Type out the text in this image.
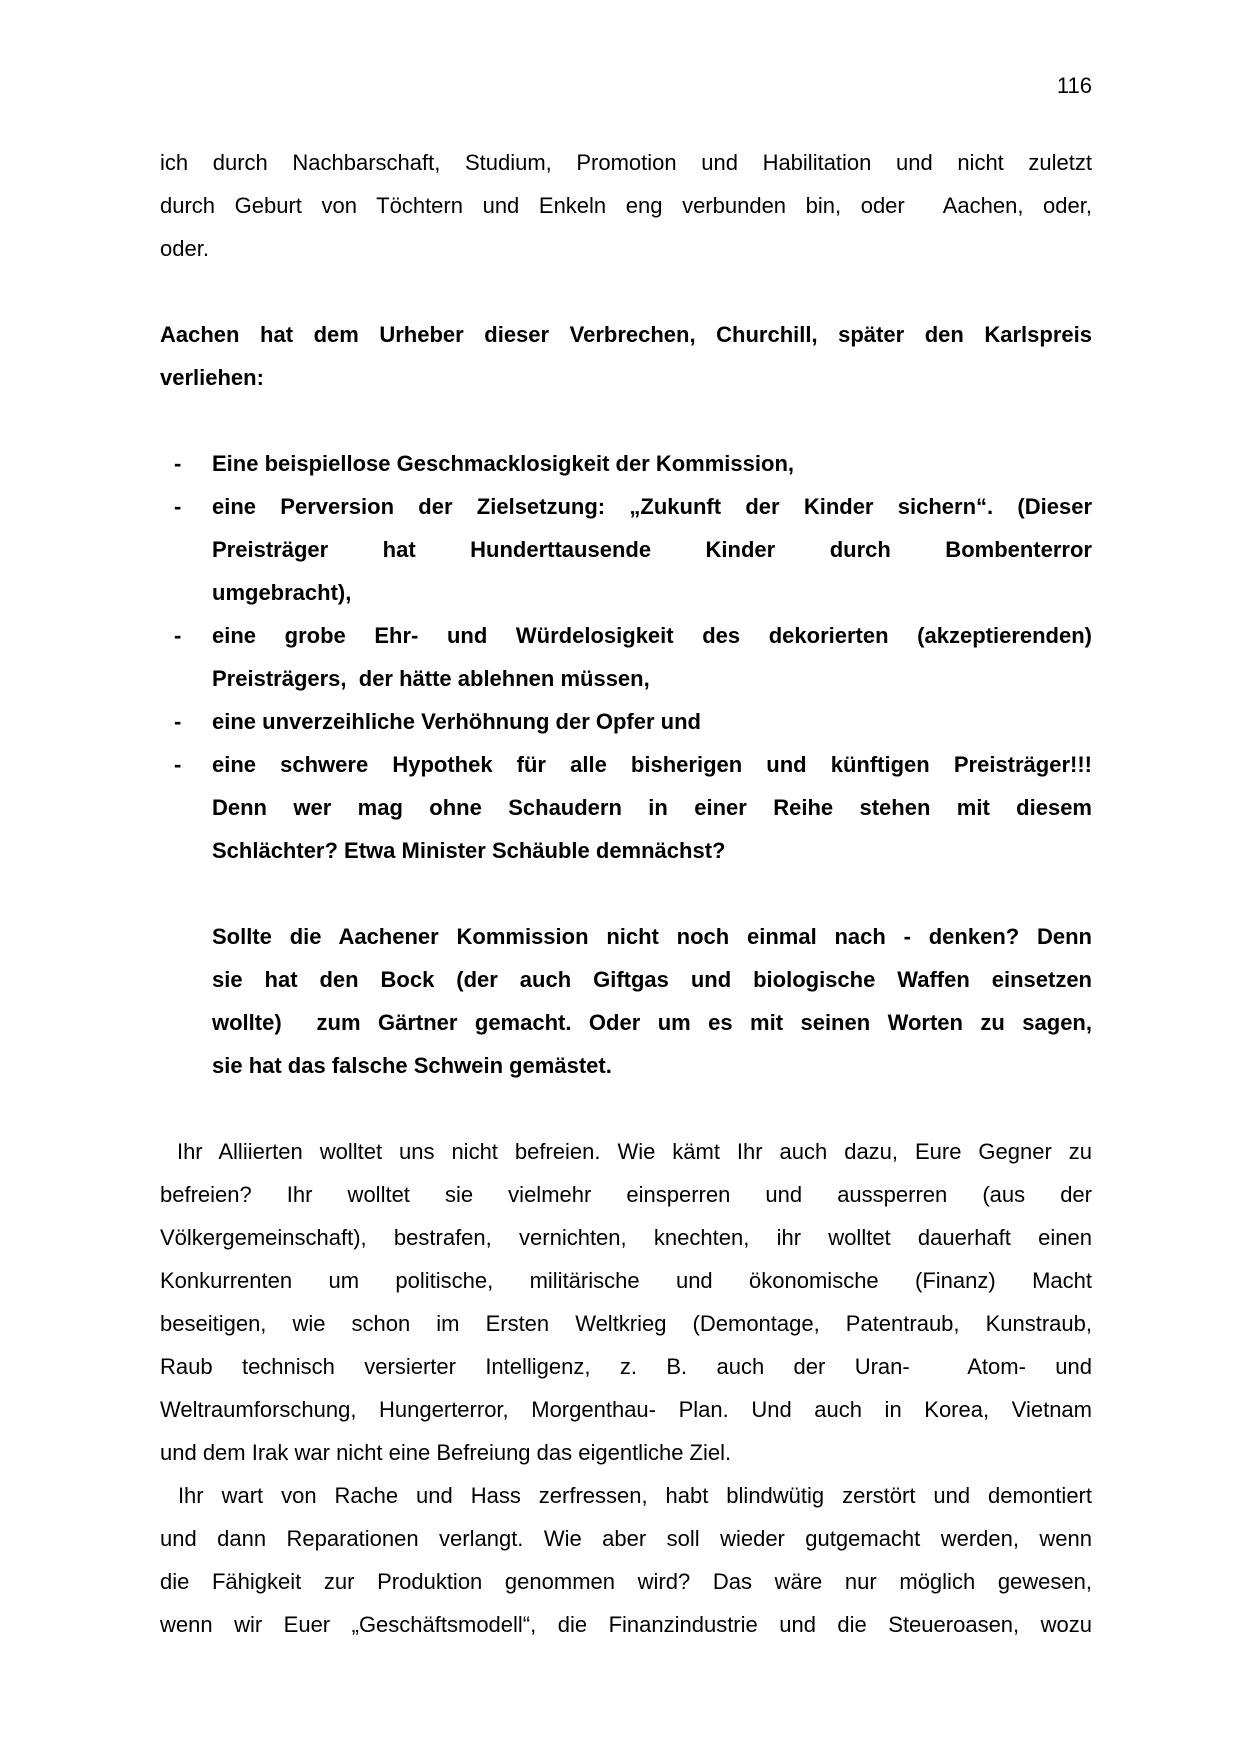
116
ich durch Nachbarschaft, Studium, Promotion und Habilitation und nicht zuletzt
durch Geburt von Töchtern und Enkeln eng verbunden bin, oder  Aachen, oder,
oder.
Aachen hat dem Urheber dieser Verbrechen, Churchill, später den Karlspreis
verliehen:
- Eine beispiellose Geschmacklosigkeit der Kommission,
- eine Perversion der Zielsetzung: „Zukunft der Kinder sichern“. (Dieser
Preisträger hat Hunderttausende Kinder durch Bombenterror
umgebracht),
- eine grobe Ehr- und Würdelosigkeit des dekorierten (akzeptierenden)
Preisträgers,  der hätte ablehnen müssen,
- eine unverzeihliche Verhöhnung der Opfer und
- eine schwere Hypothek für alle bisherigen und künftigen Preisträger!!!
Denn wer mag ohne Schaudern in einer Reihe stehen mit diesem
Schlächter? Etwa Minister Schäuble demnächst?
Sollte die Aachener Kommission nicht noch einmal nach - denken? Denn
sie hat den Bock (der auch Giftgas und biologische Waffen einsetzen
wollte)  zum Gärtner gemacht. Oder um es mit seinen Worten zu sagen,
sie hat das falsche Schwein gemästet.
Ihr Alliierten wolltet uns nicht befreien. Wie kämt Ihr auch dazu, Eure Gegner zu
befreien? Ihr wolltet sie vielmehr einsperren und aussperren (aus der
Völkergemeinschaft), bestrafen, vernichten, knechten, ihr wolltet dauerhaft einen
Konkurrenten um politische, militärische und ökonomische (Finanz) Macht
beseitigen, wie schon im Ersten Weltkrieg (Demontage, Patentraub, Kunstraub,
Raub technisch versierter Intelligenz, z. B. auch der Uran-  Atom- und
Weltraumforschung, Hungerterror, Morgenthau- Plan. Und auch in Korea, Vietnam
und dem Irak war nicht eine Befreiung das eigentliche Ziel.
Ihr wart von Rache und Hass zerfressen, habt blindwütig zerstört und demontiert
und dann Reparationen verlangt. Wie aber soll wieder gutgemacht werden, wenn
die Fähigkeit zur Produktion genommen wird? Das wäre nur möglich gewesen,
wenn wir Euer „Geschäftsmodell“, die Finanzindustrie und die Steueroasen, wozu
